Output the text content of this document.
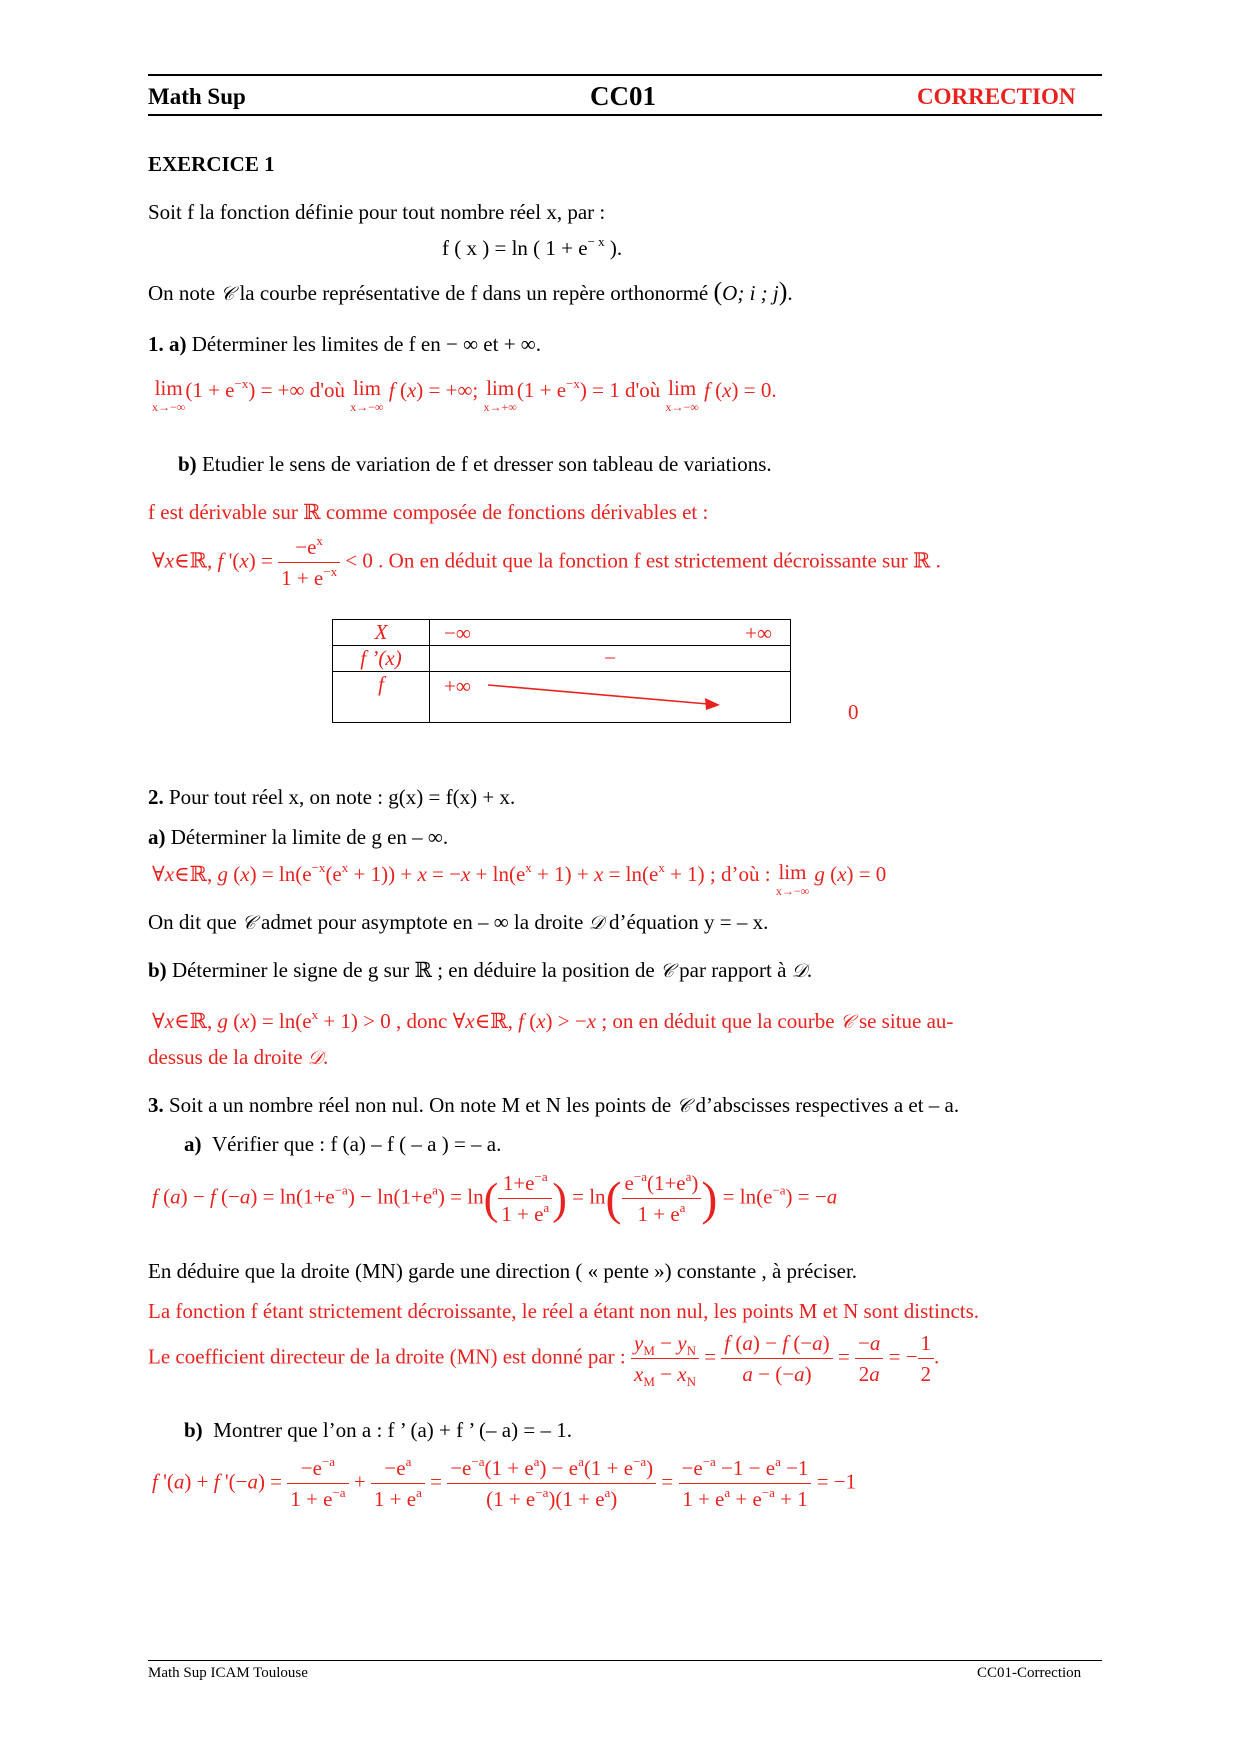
Math Sup	CC01	CORRECTION
EXERCICE 1
Soit f la fonction définie pour tout nombre réel x, par :
f ( x ) = ln ( $1 + e^{- x}$ ).
On note 𝒞 la courbe représentative de f dans un repère orthonormé (O; i ; j).
1. a) Déterminer les limites de f en − ∞ et + ∞.
lim
x→−∞
$(1 + e^{-x})$ = +∞ d'où lim
x→−∞
f (x) = +∞; lim
x→+∞
$(1 + e^{-x}) = 1$ d'où lim
x→−∞
f (x) = 0.
b) Etudier le sens de variation de f et dresser son tableau de variations.
f est dérivable sur ℝ comme composée de fonctions dérivables et :
∀x∈ℝ, f '$(x) = \frac{-e^x}{1 + e^{-x}} < 0$ . On en déduit que la fonction f est strictement décroissante sur ℝ .
X	−∞ +∞

f ’(x)	−
f	+∞
0
2. Pour tout réel x, on note : g(x) = f(x) + x.
a) Déterminer la limite de g en – ∞.
∀x∈ℝ, g $(x) = \ln(e^{-x}(e^x + 1)) + x = -x + \ln(e^x + 1) + x = \ln(e^x + 1)$ ; d’où : lim
x→−∞
g (x) = 0
On dit que 𝒞 admet pour asymptote en – ∞ la droite 𝒟 d’équation y = – x.
b) Déterminer le signe de g sur ℝ ; en déduire la position de 𝒞 par rapport à 𝒟.
∀x∈ℝ, g $(x) = \ln(e^x + 1) > 0$ , donc ∀x∈ℝ, f (x) > −x ; on en déduit que la courbe 𝒞 se situe au-
dessus de la droite 𝒟.
3. Soit a un nombre réel non nul. On note M et N les points de 𝒞 d’abscisses respectives a et – a.
a) Vérifier que : f (a) – f ( – a ) = – a.
f (a) − f $(-a) = \ln(1+e^{-a}) - \ln(1+e^a) = \ln( \frac{1+e^{-a}}{1 + e^a}$ ) = $\ln( \frac{e^{-a}(1+e^a)}{1 + e^a}$ ) = $\ln(e^{-a}) = -a$
En déduire que la droite (MN) garde une direction ( « pente ») constante , à préciser.
La fonction f étant strictement décroissante, le réel a étant non nul, les points M et N sont distincts.
Le coefficient directeur de la droite (MN) est donné par : $\frac{y_M - y_N}{x_M - x_N} = \frac{f (a) - f (-a)}{a - (-a)} = \frac{-a}{2a}$ = − $\frac{1}{2}$ .
b) Montrer que l’on a : f ’ (a) + f ’ (– a) = – 1.
f '(a) + f '$(-a) = \frac{-e^{-a}}{1 + e^{-a}} + \frac{-e^a}{1 + e^a} = \frac{-e^{-a}(1 + e^a) - e^a(1 + e^{-a})}{(1 + e^{-a})(1 + e^a)} = \frac{-e^{-a} -1 - e^a -1}{1 + e^a + e^{-a} + 1} = -1$
Math Sup ICAM Toulouse	CC01-Correction
